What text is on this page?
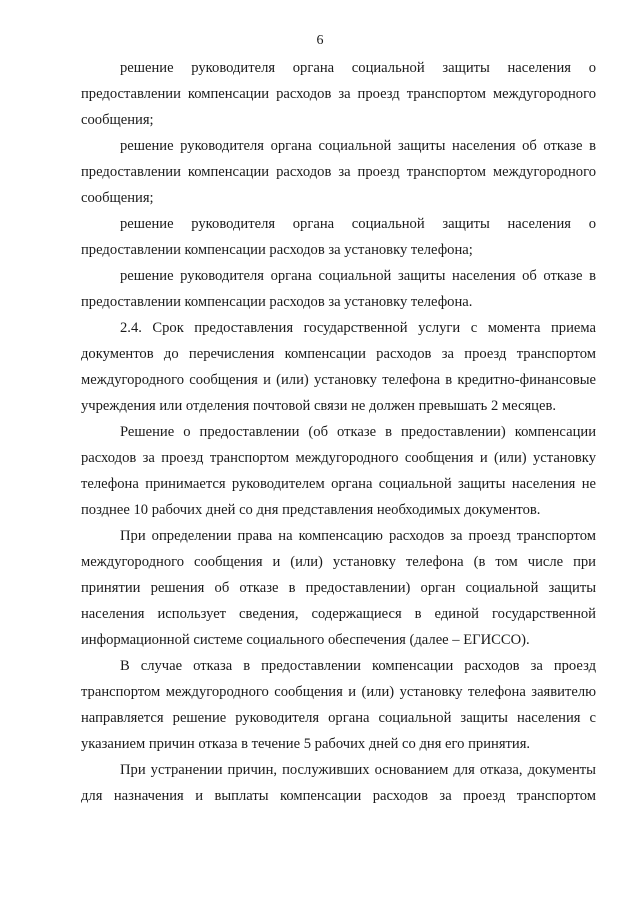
6

решение руководителя органа социальной защиты населения о предоставлении компенсации расходов за проезд транспортом междугородного сообщения;

решение руководителя органа социальной защиты населения об отказе в предоставлении компенсации расходов за проезд транспортом междугородного сообщения;

решение руководителя органа социальной защиты населения о предоставлении компенсации расходов за установку телефона;

решение руководителя органа социальной защиты населения об отказе в предоставлении компенсации расходов за установку телефона.

2.4. Срок предоставления государственной услуги с момента приема документов до перечисления компенсации расходов за проезд транспортом междугородного сообщения и (или) установку телефона в кредитно-финансовые учреждения или отделения почтовой связи не должен превышать 2 месяцев.

Решение о предоставлении (об отказе в предоставлении) компенсации расходов за проезд транспортом междугородного сообщения и (или) установку телефона принимается руководителем органа социальной защиты населения не позднее 10 рабочих дней со дня представления необходимых документов.

При определении права на компенсацию расходов за проезд транспортом междугородного сообщения и (или) установку телефона (в том числе при принятии решения об отказе в предоставлении) орган социальной защиты населения использует сведения, содержащиеся в единой государственной информационной системе социального обеспечения (далее – ЕГИССО).

В случае отказа в предоставлении компенсации расходов за проезд транспортом междугородного сообщения и (или) установку телефона заявителю направляется решение руководителя органа социальной защиты населения с указанием причин отказа в течение 5 рабочих дней со дня его принятия.

При устранении причин, послуживших основанием для отказа, документы для назначения и выплаты компенсации расходов за проезд транспортом
